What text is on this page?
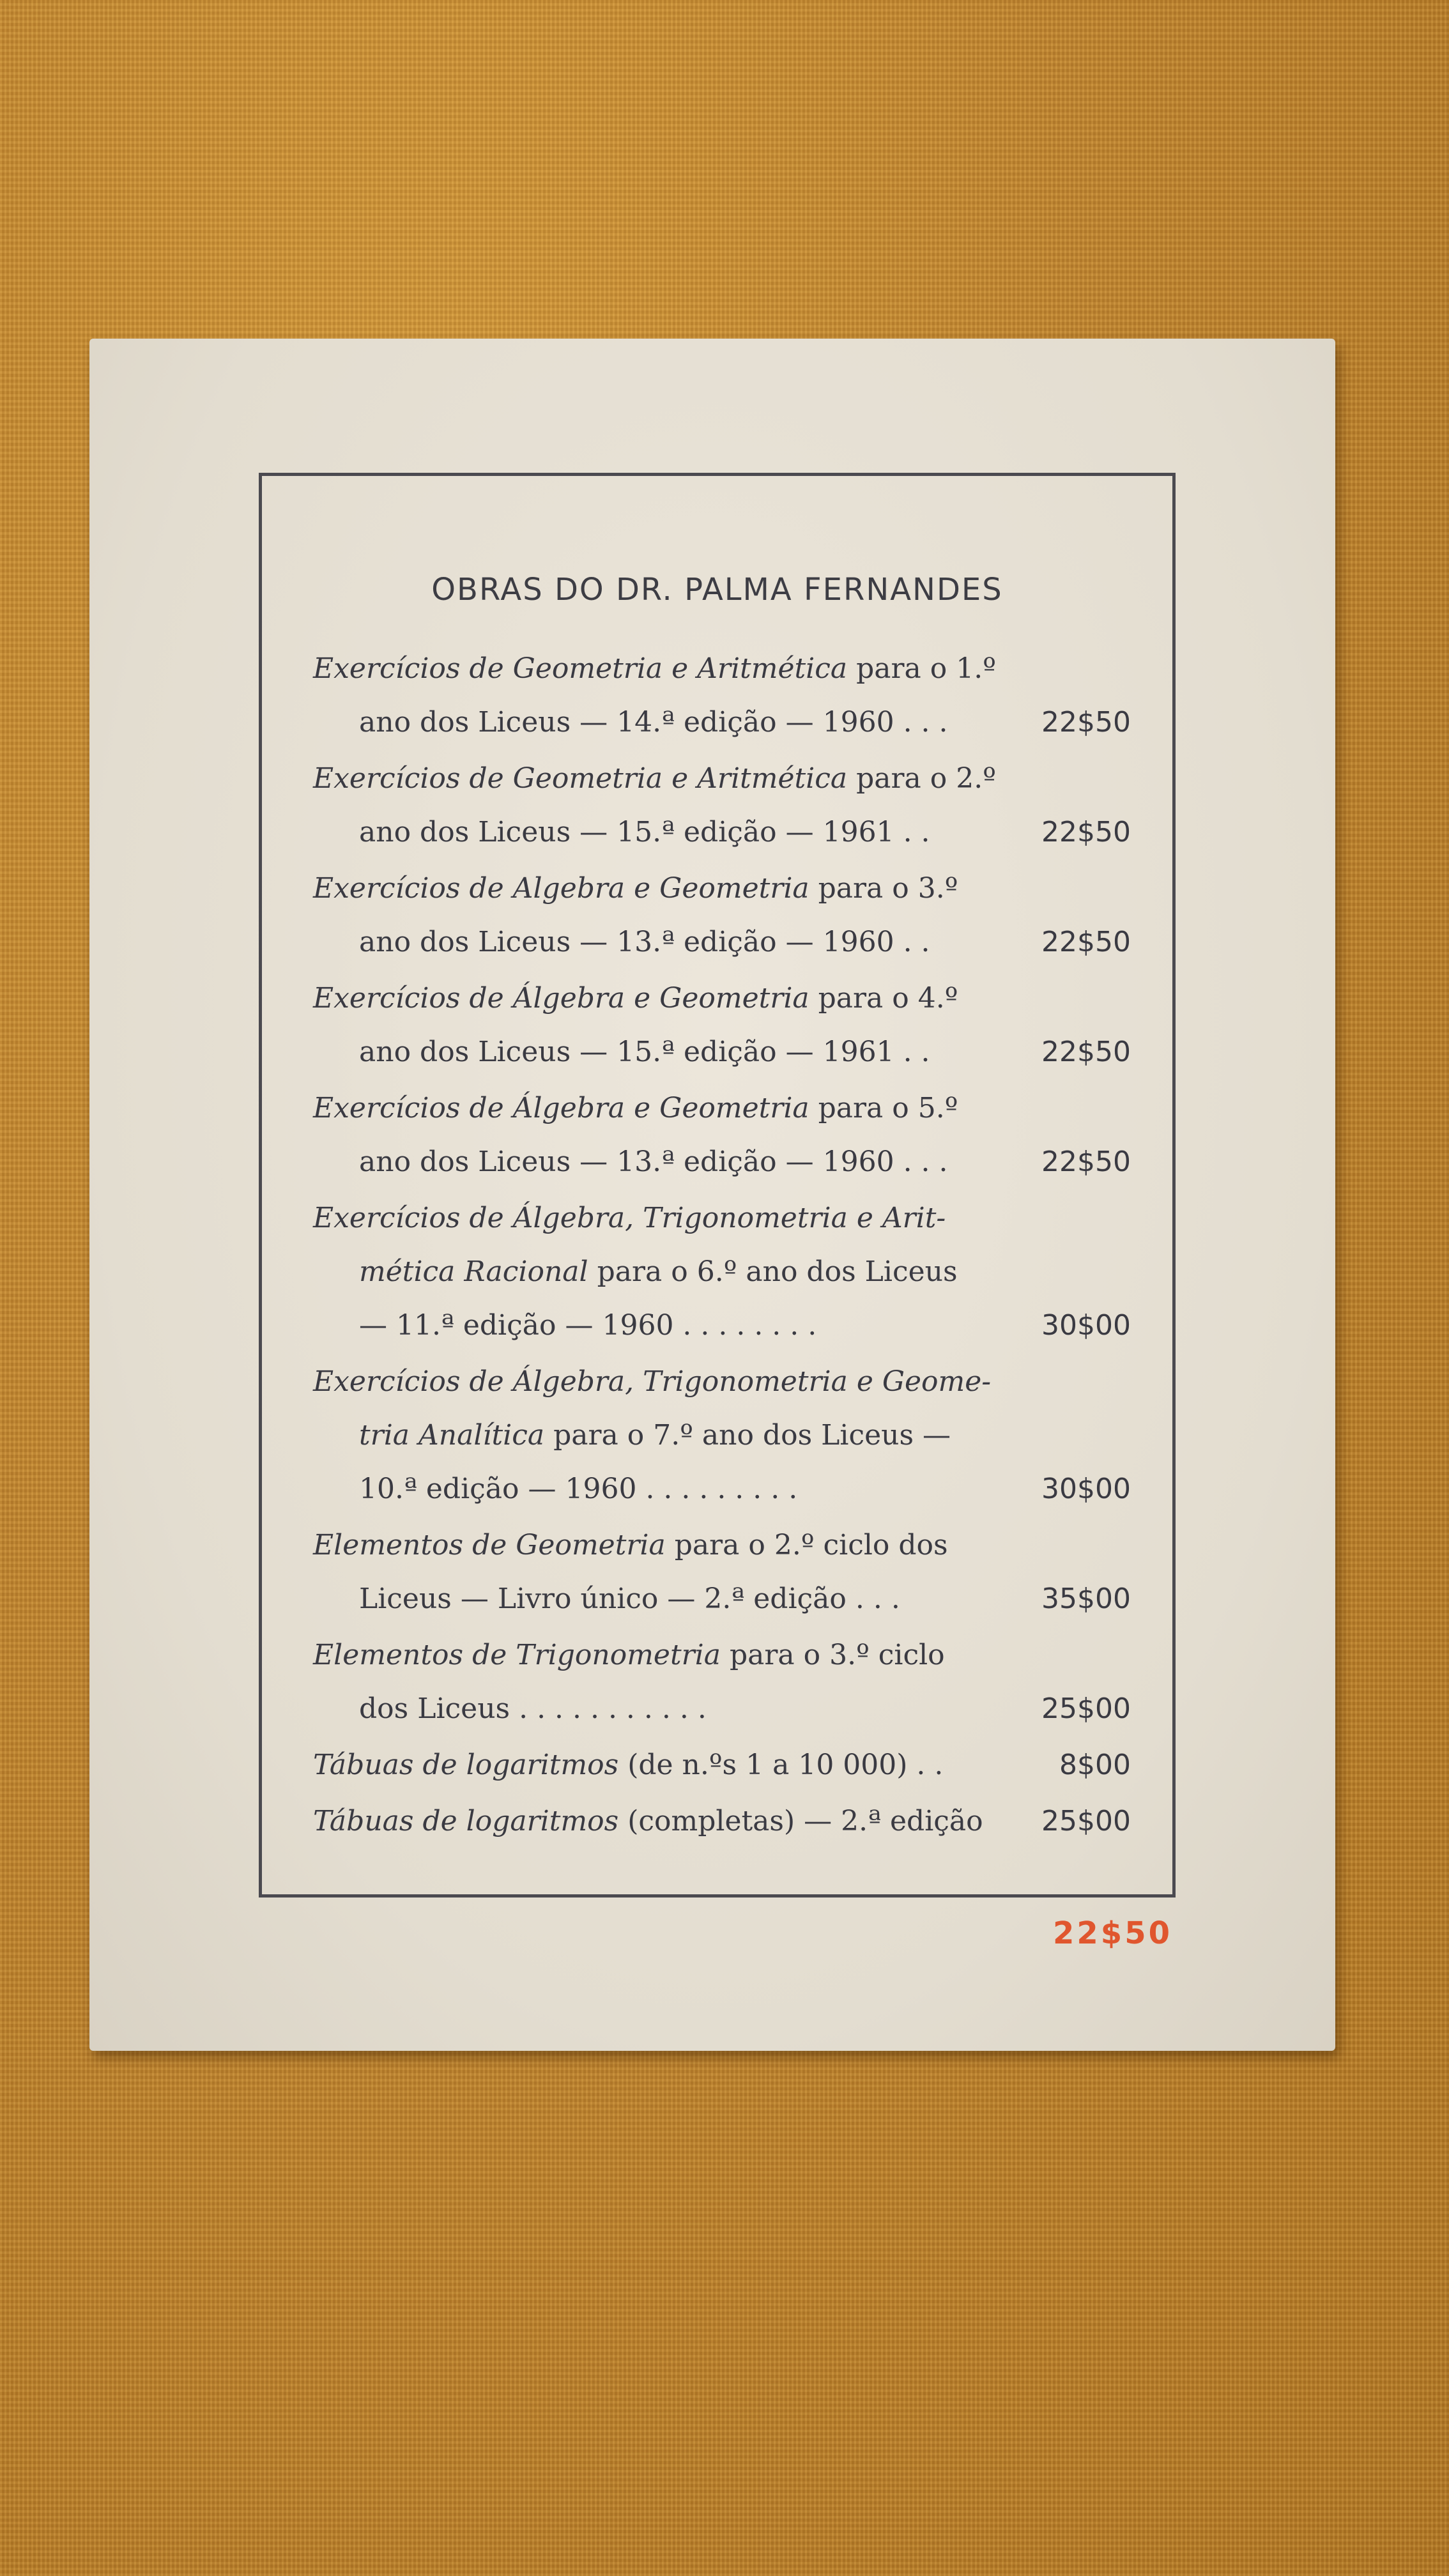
OBRAS DO DR. PALMA FERNANDES
Exercícios de Geometria e Aritmética para o 1.º
ano dos Liceus — 14.ª edição — 1960 . . .	22$50
Exercícios de Geometria e Aritmética para o 2.º
ano dos Liceus — 15.ª edição — 1961 . .	22$50
Exercícios de Algebra e Geometria para o 3.º
ano dos Liceus — 13.ª edição — 1960 . .	22$50
Exercícios de Álgebra e Geometria para o 4.º
ano dos Liceus — 15.ª edição — 1961 . .	22$50
Exercícios de Álgebra e Geometria para o 5.º
ano dos Liceus — 13.ª edição — 1960 . . .	22$50
Exercícios de Álgebra, Trigonometria e Arit-
mética Racional para o 6.º ano dos Liceus
— 11.ª edição — 1960 . . . . . . . .	30$00
Exercícios de Álgebra, Trigonometria e Geome-
tria Analítica para o 7.º ano dos Liceus —
10.ª edição — 1960 . . . . . . . . .	30$00
Elementos de Geometria para o 2.º ciclo dos
Liceus — Livro único — 2.ª edição . . .	35$00
Elementos de Trigonometria para o 3.º ciclo
dos Liceus . . . . . . . . . . .	25$00
Tábuas de logaritmos (de n.ºs 1 a 10 000) . .	8$00
Tábuas de logaritmos (completas) — 2.ª edição	25$00
22$50
